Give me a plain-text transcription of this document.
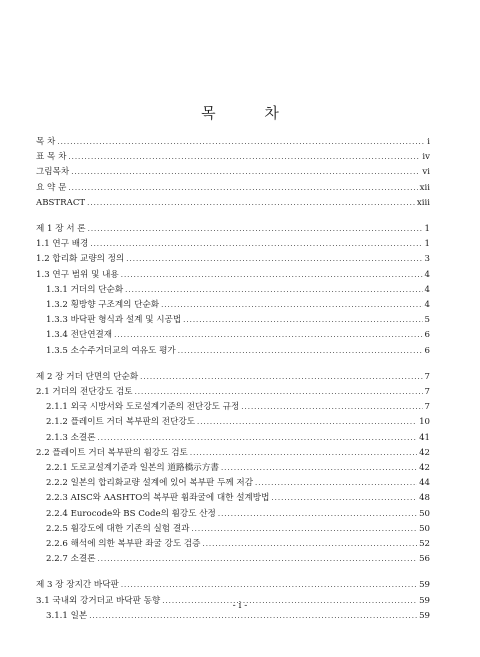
목 차
목 차 .....	i
표 목 차 .....	iv
그림목차 .....	vi
요 약 문 .....	xii
ABSTRACT .....	xiii
제 1 장 서 론 .....	1
1.1 연구 배경 .....	1
1.2 합리화 교량의 정의 .....	3
1.3 연구 범위 및 내용 .....	4
1.3.1 거더의 단순화 .....	4
1.3.2 횡방향 구조계의 단순화 .....	4
1.3.3 바닥판 형식과 설계 및 시공법 .....	5
1.3.4 전단연결재 .....	6
1.3.5 소수주거더교의 여유도 평가 .....	6
제 2 장 거더 단면의 단순화 .....	7
2.1 거더의 전단강도 검토 .....	7
2.1.1 외국 시방서와 도로설계기준의 전단강도 규정 .....	7
2.1.2 플레이트 거더 복부판의 전단강도 .....	10
2.1.3 소결론 .....	41
2.2 플레이트 거더 복부판의 휨강도 검토 .....	42
2.2.1 도로교설계기준과 일본의 道路橋示方書 .....	42
2.2.2 일본의 합리화교량 설계에 있어 복부판 두께 저감 .....	44
2.2.3 AISC와 AASHTO의 복부판 휨좌굴에 대한 설계방법 .....	48
2.2.4 Eurocode와 BS Code의 휨강도 산정 .....	50
2.2.5 휨강도에 대한 기존의 실험 결과 .....	50
2.2.6 해석에 의한 복부판 좌굴 강도 검증 .....	52
2.2.7 소결론 .....	56
제 3 장 장지간 바닥판 .....	59
3.1 국내외 강거더교 바닥판 동향 .....	59
3.1.1 일본 .....	59
- i -
